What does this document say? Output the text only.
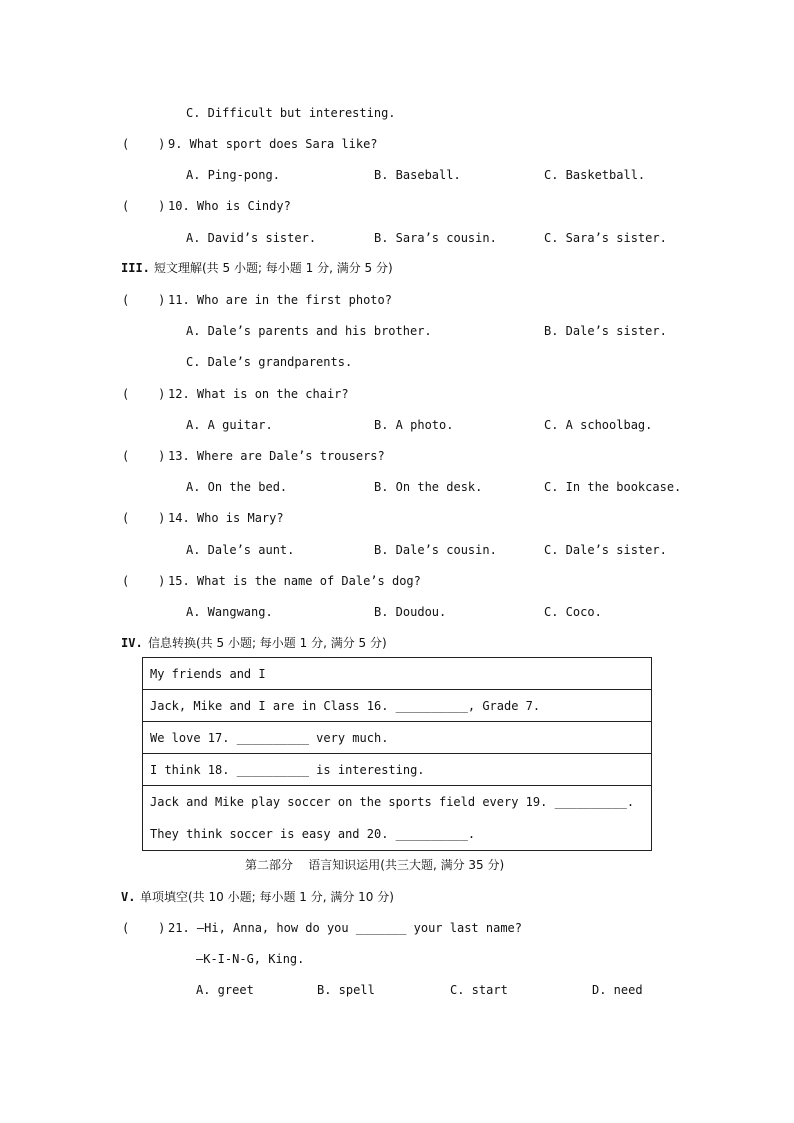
C. Difficult but interesting.
(    ) 9. What sport does Sara like?
A. Ping-pong.	B. Baseball.	C. Basketball.
(    ) 10. Who is Cindy?
A. David’s sister.	B. Sara’s cousin.	C. Sara’s sister.
III. 短文理解(共 5 小题; 每小题 1 分, 满分 5 分)
(    ) 11. Who are in the first photo?
A. Dale’s parents and his brother.	B. Dale’s sister.
C. Dale’s grandparents.
(    ) 12. What is on the chair?
A. A guitar.	B. A photo.	C. A schoolbag.
(    ) 13. Where are Dale’s trousers?
A. On the bed.	B. On the desk.	C. In the bookcase.
(    ) 14. Who is Mary?
A. Dale’s aunt.	B. Dale’s cousin.	C. Dale’s sister.
(    ) 15. What is the name of Dale’s dog?
A. Wangwang.	B. Doudou.	C. Coco.
IV. 信息转换(共 5 小题; 每小题 1 分, 满分 5 分)
My friends and I
Jack, Mike and I are in Class 16. __________, Grade 7.
We love 17. __________ very much.
I think 18. __________ is interesting.
Jack and Mike play soccer on the sports field every 19. __________. They think soccer is easy and 20. __________.
第二部分    语言知识运用(共三大题, 满分 35 分)
V. 单项填空(共 10 小题; 每小题 1 分, 满分 10 分)
(    ) 21. —Hi, Anna, how do you _______ your last name?
—K-I-N-G, King.
A. greet	B. spell	C. start	D. need
